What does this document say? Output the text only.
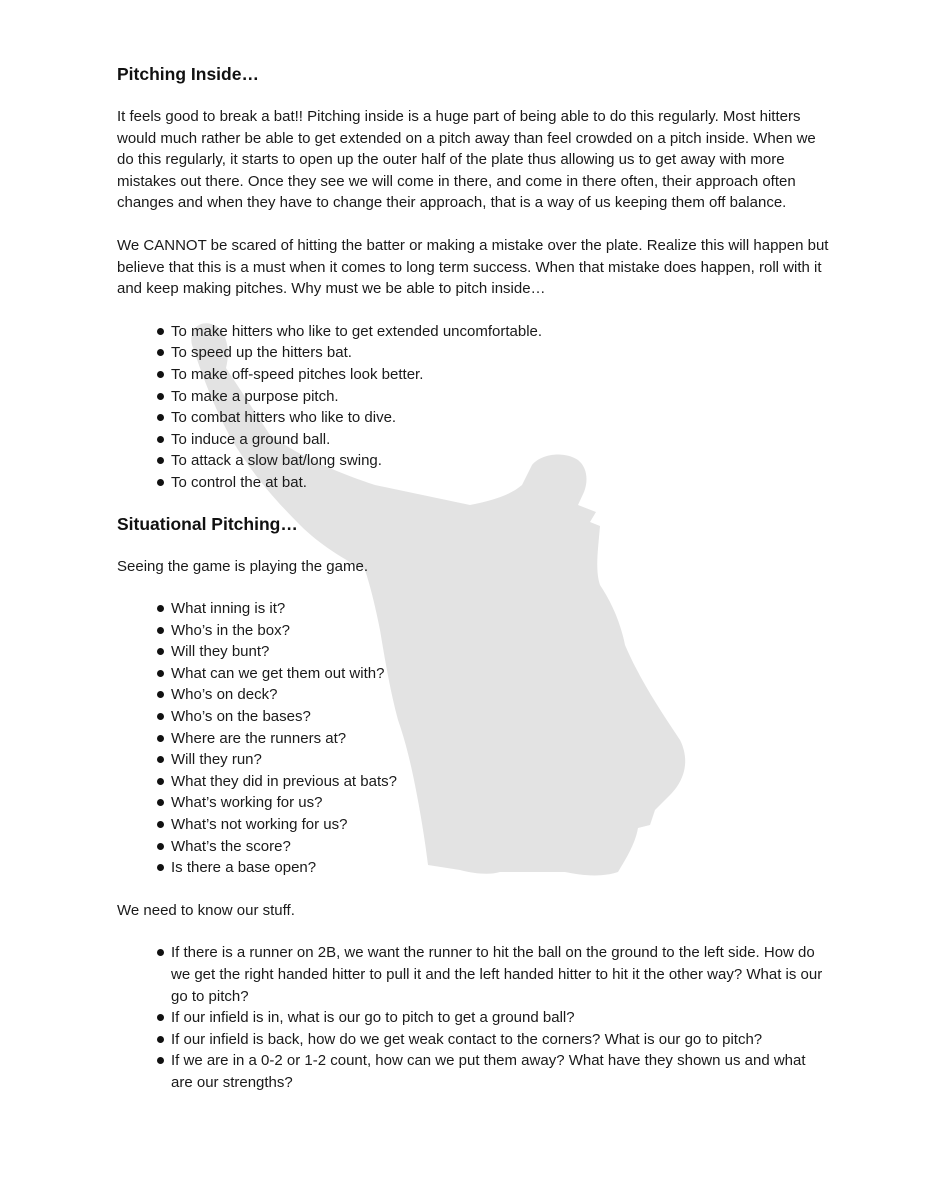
Pitching Inside…

It feels good to break a bat!! Pitching inside is a huge part of being able to do this regularly. Most hitters would much rather be able to get extended on a pitch away than feel crowded on a pitch inside. When we do this regularly, it starts to open up the outer half of the plate thus allowing us to get away with more mistakes out there. Once they see we will come in there, and come in there often, their approach often changes and when they have to change their approach, that is a way of us keeping them off balance.

We CANNOT be scared of hitting the batter or making a mistake over the plate. Realize this will happen but believe that this is a must when it comes to long term success. When that mistake does happen, roll with it and keep making pitches. Why must we be able to pitch inside…

To make hitters who like to get extended uncomfortable.
To speed up the hitters bat.
To make off-speed pitches look better.
To make a purpose pitch.
To combat hitters who like to dive.
To induce a ground ball.
To attack a slow bat/long swing.
To control the at bat.
Situational Pitching…

Seeing the game is playing the game.

What inning is it?
Who’s in the box?
Will they bunt?
What can we get them out with?
Who’s on deck?
Who’s on the bases?
Where are the runners at?
Will they run?
What they did in previous at bats?
What’s working for us?
What’s not working for us?
What’s the score?
Is there a base open?

We need to know our stuff.

If there is a runner on 2B, we want the runner to hit the ball on the ground to the left side. How do we get the right handed hitter to pull it and the left handed hitter to hit it the other way? What is our go to pitch?
If our infield is in, what is our go to pitch to get a ground ball?
If our infield is back, how do we get weak contact to the corners? What is our go to pitch?
If we are in a 0-2 or 1-2 count, how can we put them away? What have they shown us and what are our strengths?
